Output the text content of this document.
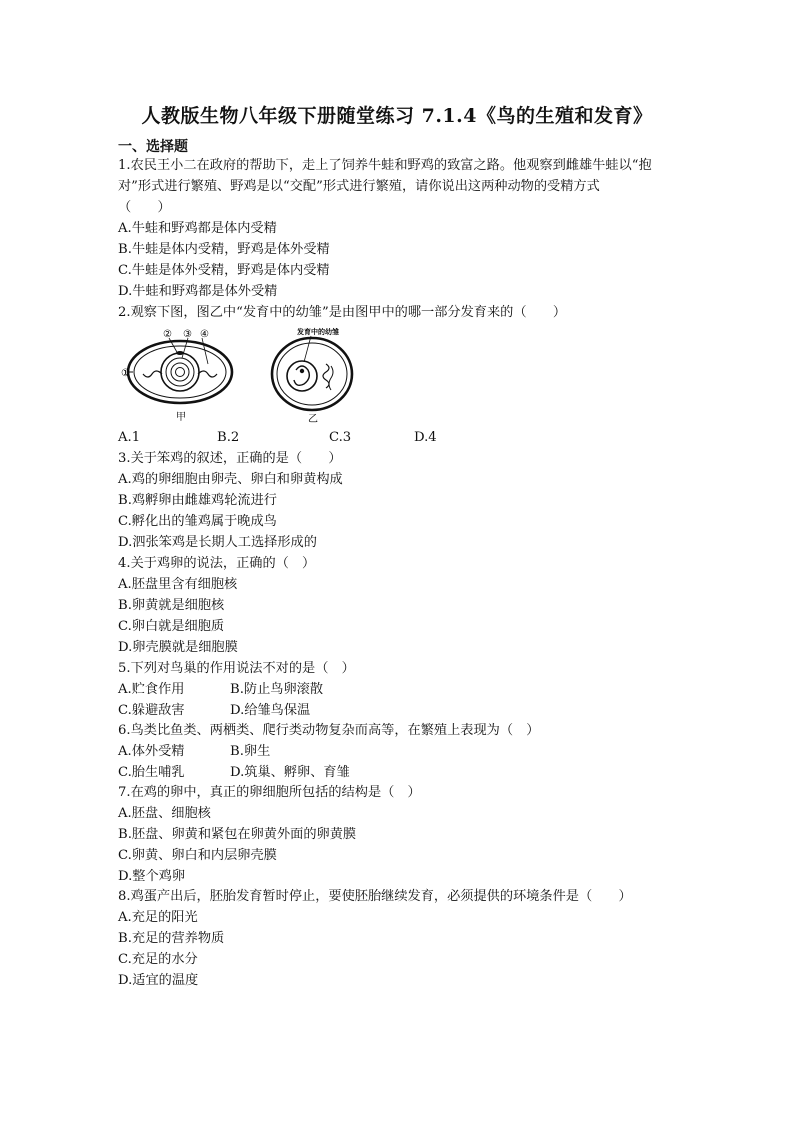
人教版生物八年级下册随堂练习 7.1.4《鸟的生殖和发育》
一、选择题
1.农民王小二在政府的帮助下，走上了饲养牛蛙和野鸡的致富之路。他观察到雌雄牛蛙以“抱
对”形式进行繁殖、野鸡是以“交配”形式进行繁殖，请你说出这两种动物的受精方式
（　　）
A.牛蛙和野鸡都是体内受精
B.牛蛙是体内受精，野鸡是体外受精
C.牛蛙是体外受精，野鸡是体内受精
D.牛蛙和野鸡都是体外受精
2.观察下图，图乙中“发育中的幼雏”是由图甲中的哪一部分发育来的（　　）
①
② ③ ④
甲
发育中的幼雏
乙
A.1	B.2	C.3	D.4
3.关于笨鸡的叙述，正确的是（　　）
A.鸡的卵细胞由卵壳、卵白和卵黄构成
B.鸡孵卵由雌雄鸡轮流进行
C.孵化出的雏鸡属于晚成鸟
D.泗张笨鸡是长期人工选择形成的
4.关于鸡卵的说法，正确的（　）
A.胚盘里含有细胞核
B.卵黄就是细胞核
C.卵白就是细胞质
D.卵壳膜就是细胞膜
5.下列对鸟巢的作用说法不对的是（　）
A.贮食作用	B.防止鸟卵滚散
C.躲避敌害	D.给雏鸟保温
6.鸟类比鱼类、两栖类、爬行类动物复杂而高等，在繁殖上表现为（　）
A.体外受精	B.卵生
C.胎生哺乳	D.筑巢、孵卵、育雏
7.在鸡的卵中，真正的卵细胞所包括的结构是（　）
A.胚盘、细胞核
B.胚盘、卵黄和紧包在卵黄外面的卵黄膜
C.卵黄、卵白和内层卵壳膜
D.整个鸡卵
8.鸡蛋产出后，胚胎发育暂时停止，要使胚胎继续发育，必须提供的环境条件是（　　）
A.充足的阳光
B.充足的营养物质
C.充足的水分
D.适宜的温度
